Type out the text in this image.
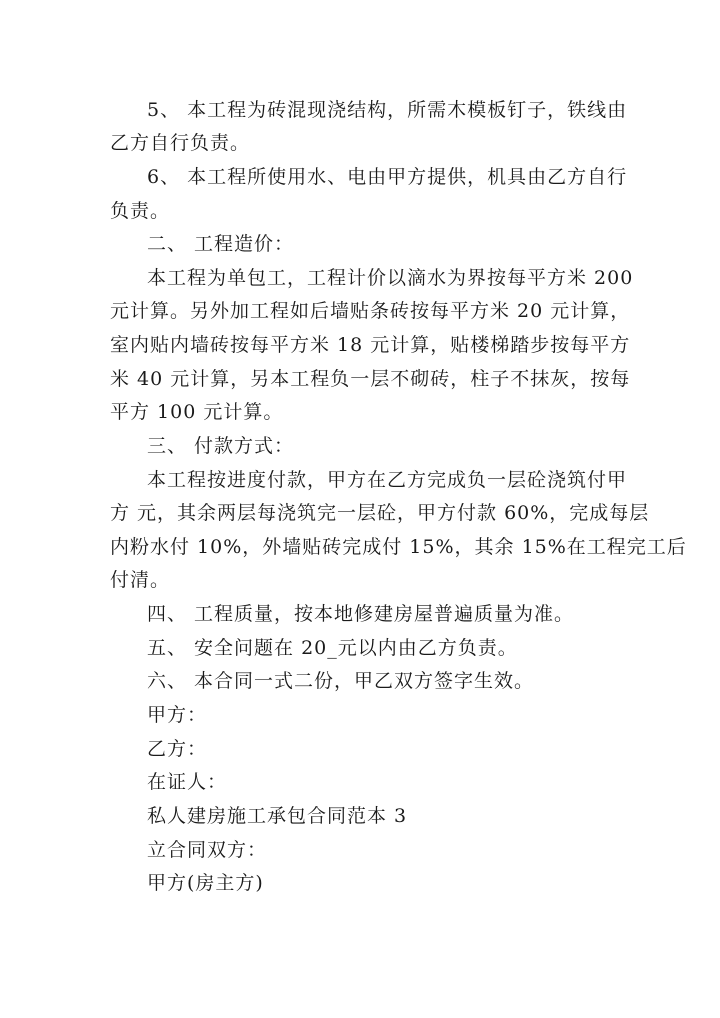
5、 本工程为砖混现浇结构，所需木模板钉子，铁线由
乙方自行负责。
6、 本工程所使用水、电由甲方提供，机具由乙方自行
负责。
二、 工程造价：
本工程为单包工，工程计价以滴水为界按每平方米 200
元计算。另外加工程如后墙贴条砖按每平方米 20 元计算，
室内贴内墙砖按每平方米 18 元计算，贴楼梯踏步按每平方
米 40 元计算，另本工程负一层不砌砖，柱子不抹灰，按每
平方 100 元计算。
三、 付款方式：
本工程按进度付款，甲方在乙方完成负一层砼浇筑付甲
方 元，其余两层每浇筑完一层砼，甲方付款 60%，完成每层
内粉水付 10%，外墙贴砖完成付 15%，其余 15%在工程完工后
付清。
四、 工程质量，按本地修建房屋普遍质量为准。
五、 安全问题在 20_元以内由乙方负责。
六、 本合同一式二份，甲乙双方签字生效。
甲方：
乙方：
在证人：
私人建房施工承包合同范本 3
立合同双方：
甲方(房主方)
